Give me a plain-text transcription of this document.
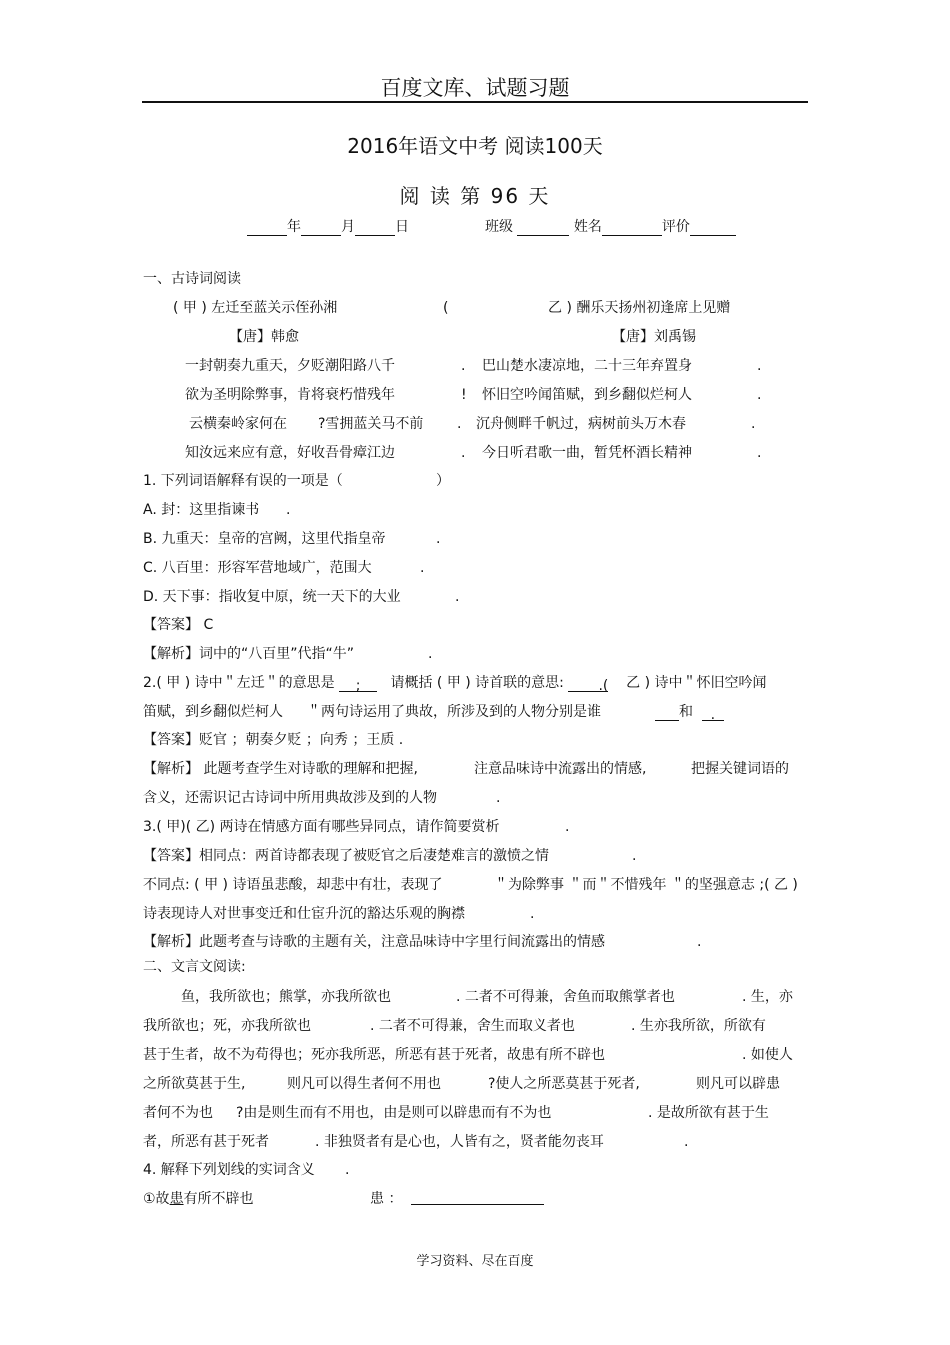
百度文库、试题习题
2016年语文中考 阅读100天
阅 读 第 96 天
年	月	日	班级	姓名	评价
一、古诗词阅读
( 甲 ) 左迁至蓝关示侄孙湘	(	乙 ) 酬乐天扬州初逢席上见赠
【唐】韩愈	【唐】刘禹锡
一封朝奏九重天，夕贬潮阳路八千	. 巴山楚水凄凉地，二十三年弃置身	.
欲为圣明除弊事，肯将衰朽惜残年	! 怀旧空吟闻笛赋，到乡翻似烂柯人	.
云横秦岭家何在 ?雪拥蓝关马不前 . 沉舟侧畔千帆过，病树前头万木春	.
知汝远来应有意，好收吾骨瘴江边	. 今日听君歌一曲，暂凭杯酒长精神	.
1. 下列词语解释有误的一项是（	）
A. 封：这里指谏书 .
B. 九重天：皇帝的宫阙，这里代指皇帝	.
C. 八百里：形容军营地域广，范围大	.
D. 天下事：指收复中原，统一天下的大业	.
【答案】 C
【解析】词中的“八百里”代指“牛”	.
2.( 甲 ) 诗中＂左迁＂的意思是 ; 请概括 ( 甲 ) 诗首联的意思: .( 乙 ) 诗中＂怀旧空吟闻
笛赋，到乡翻似烂柯人 ＂两句诗运用了典故，所涉及到的人物分别是谁	和 .
【答案】贬官 ；朝奏夕贬 ；向秀 ；王质 .
【解析】 此题考查学生对诗歌的理解和把握,	注意品味诗中流露出的情感,	把握关键词语的
含义，还需识记古诗词中所用典故涉及到的人物	.
3.( 甲)( 乙) 两诗在情感方面有哪些异同点，请作简要赏析	.
【答案】相同点：两首诗都表现了被贬官之后凄楚难言的激愤之情	.
不同点: ( 甲 ) 诗语虽悲酸，却悲中有壮，表现了	＂为除弊事 ＂而＂不惜残年 ＂的坚强意志 ;( 乙 )
诗表现诗人对世事变迁和仕宦升沉的豁达乐观的胸襟	.
【解析】此题考查与诗歌的主题有关，注意品味诗中字里行间流露出的情感	.
二、文言文阅读:
鱼，我所欲也；熊掌，亦我所欲也	. 二者不可得兼，舍鱼而取熊掌者也	. 生，亦
我所欲也；死，亦我所欲也	. 二者不可得兼，舍生而取义者也	. 生亦我所欲，所欲有
甚于生者，故不为苟得也；死亦我所恶，所恶有甚于死者，故患有所不辟也	. 如使人
之所欲莫甚于生,	则凡可以得生者何不用也	?使人之所恶莫甚于死者,	则凡可以辟患
者何不为也 ?由是则生而有不用也，由是则可以辟患而有不为也	. 是故所欲有甚于生
者，所恶有甚于死者	. 非独贤者有是心也，人皆有之，贤者能勿丧耳	.
4. 解释下列划线的实词含义 .
①故患有所不辟也	患 ：
学习资料、尽在百度
